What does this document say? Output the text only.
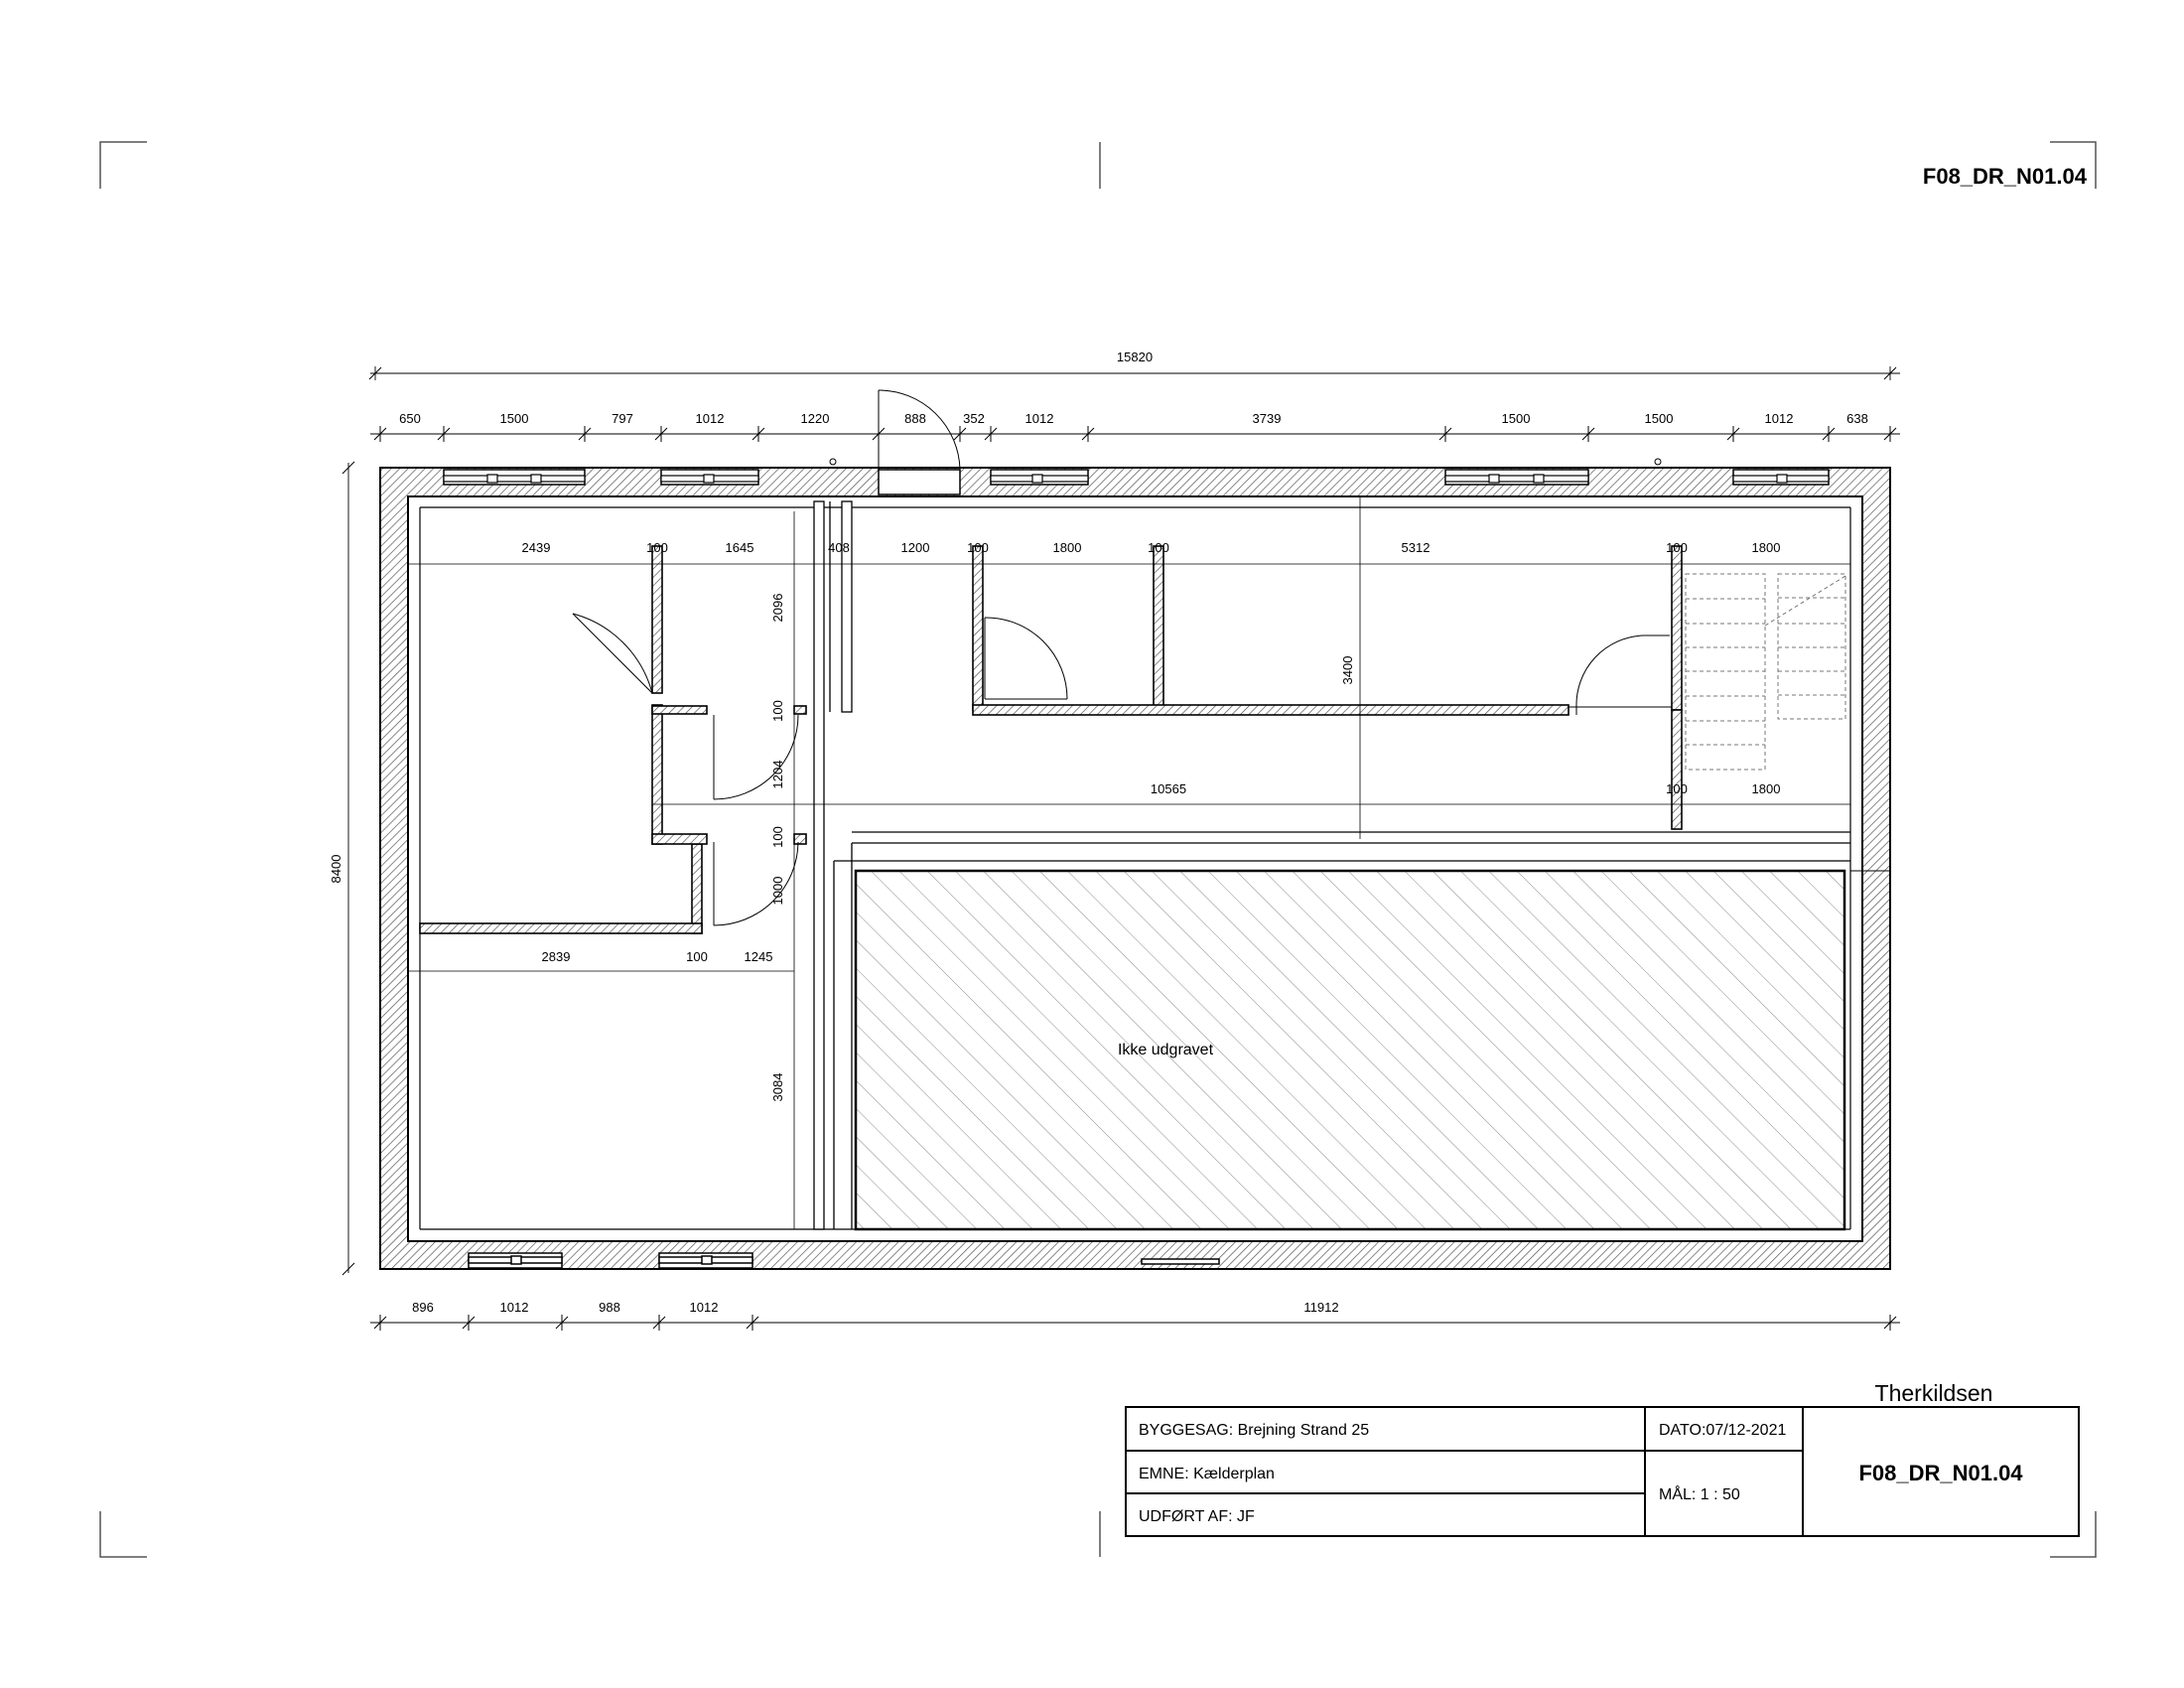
F08_DR_N01.04
Ikke udgravet
15820
8400
650	1500	797	1012	1220	888	352	1012	3739	1500	1500	1012	638
896	1012	988	1012	11912
2439	100	1645	408	1200	100	1800	100	5312	100	1800
2096
100
1204
100
1000
3400
3084
10565	100	1800
2839	100	1245
Therkildsen
BYGGESAG: Brejning Strand 25	DATO:07/12-2021
EMNE: Kælderplan
MÅL: 1 : 50
UDFØRT AF: JF
F08_DR_N01.04
